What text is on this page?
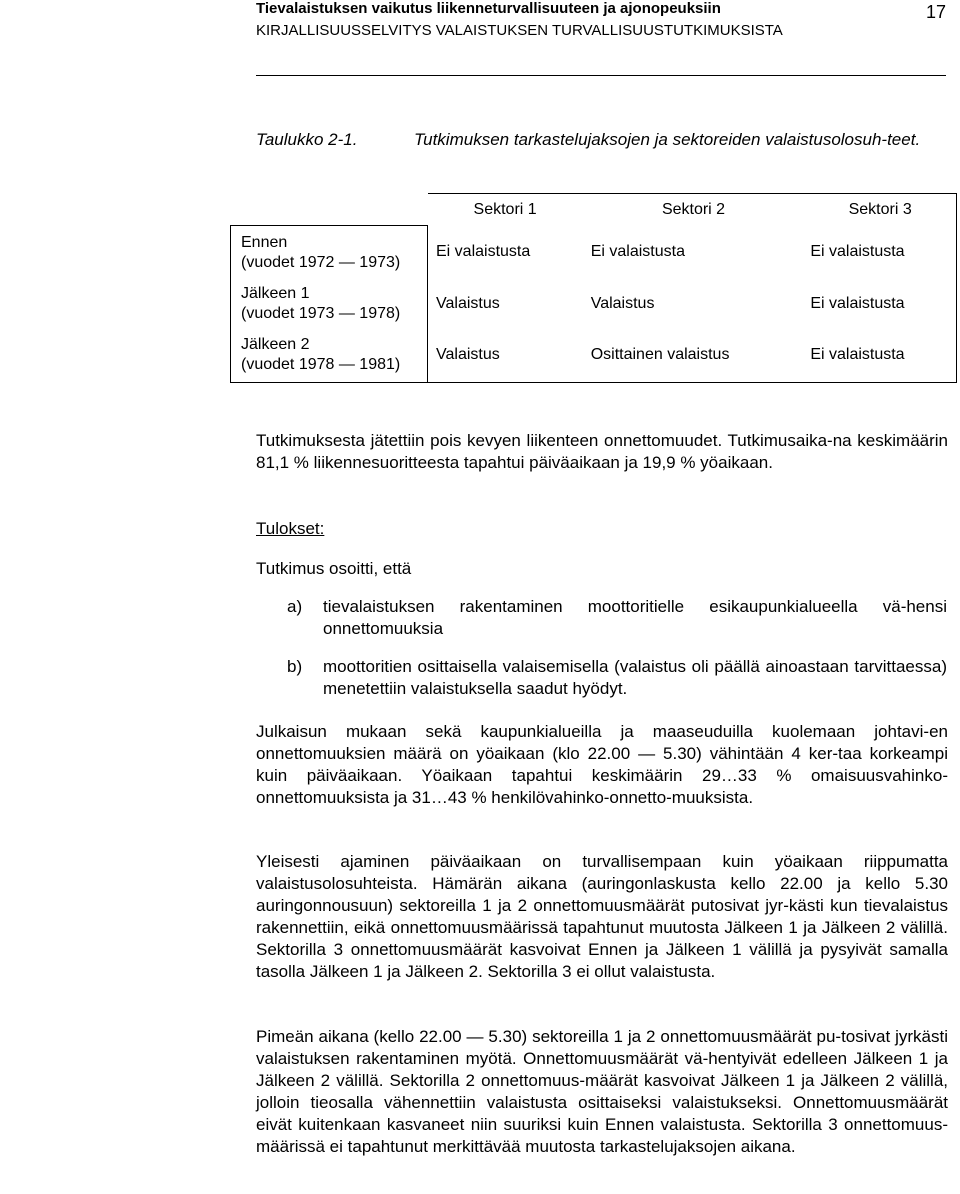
Tievalaistuksen vaikutus liikenneturvallisuuteen ja ajonopeuksiin
KIRJALLISUUSSELVITYS VALAISTUKSEN TURVALLISUUSTUTKIMUKSISTA
17
Taulukko 2-1.	Tutkimuksen tarkastelujaksojen ja sektoreiden valaistusolosuh-teet.
	Sektori 1	Sektori 2	Sektori 3

Ennen
(vuodet 1972 — 1973)	Ei valaistusta	Ei valaistusta	Ei valaistusta

Jälkeen 1
(vuodet 1973 — 1978)	Valaistus	Valaistus	Ei valaistusta

Jälkeen 2
(vuodet 1978 — 1981)	Valaistus	Osittainen valaistus	Ei valaistusta
Tutkimuksesta jätettiin pois kevyen liikenteen onnettomuudet. Tutkimusaika-na keskimäärin 81,1 % liikennesuoritteesta tapahtui päiväaikaan ja 19,9 % yöaikaan.
Tulokset:
Tutkimus osoitti, että
a) tievalaistuksen rakentaminen moottoritielle esikaupunkialueella vä-hensi onnettomuuksia
b) moottoritien osittaisella valaisemisella (valaistus oli päällä ainoastaan tarvittaessa) menetettiin valaistuksella saadut hyödyt.
Julkaisun mukaan sekä kaupunkialueilla ja maaseuduilla kuolemaan johtavi-en onnettomuuksien määrä on yöaikaan (klo 22.00 — 5.30) vähintään 4 ker-taa korkeampi kuin päiväaikaan. Yöaikaan tapahtui keskimäärin 29…33 % omaisuusvahinko-onnettomuuksista ja 31…43 % henkilövahinko-onnetto-muuksista.
Yleisesti ajaminen päiväaikaan on turvallisempaan kuin yöaikaan riippumatta valaistusolosuhteista. Hämärän aikana (auringonlaskusta kello 22.00 ja kello 5.30 auringonnousuun) sektoreilla 1 ja 2 onnettomuusmäärät putosivat jyr-kästi kun tievalaistus rakennettiin, eikä onnettomuusmäärissä tapahtunut muutosta Jälkeen 1 ja Jälkeen 2 välillä. Sektorilla 3 onnettomuusmäärät kasvoivat Ennen ja Jälkeen 1 välillä ja pysyivät samalla tasolla Jälkeen 1 ja Jälkeen 2. Sektorilla 3 ei ollut valaistusta.
Pimeän aikana (kello 22.00 — 5.30) sektoreilla 1 ja 2 onnettomuusmäärät pu-tosivat jyrkästi valaistuksen rakentaminen myötä. Onnettomuusmäärät vä-hentyivät edelleen Jälkeen 1 ja Jälkeen 2 välillä. Sektorilla 2 onnettomuus-määrät kasvoivat Jälkeen 1 ja Jälkeen 2 välillä, jolloin tieosalla vähennettiin valaistusta osittaiseksi valaistukseksi. Onnettomuusmäärät eivät kuitenkaan kasvaneet niin suuriksi kuin Ennen valaistusta. Sektorilla 3 onnettomuus-määrissä ei tapahtunut merkittävää muutosta tarkastelujaksojen aikana.
